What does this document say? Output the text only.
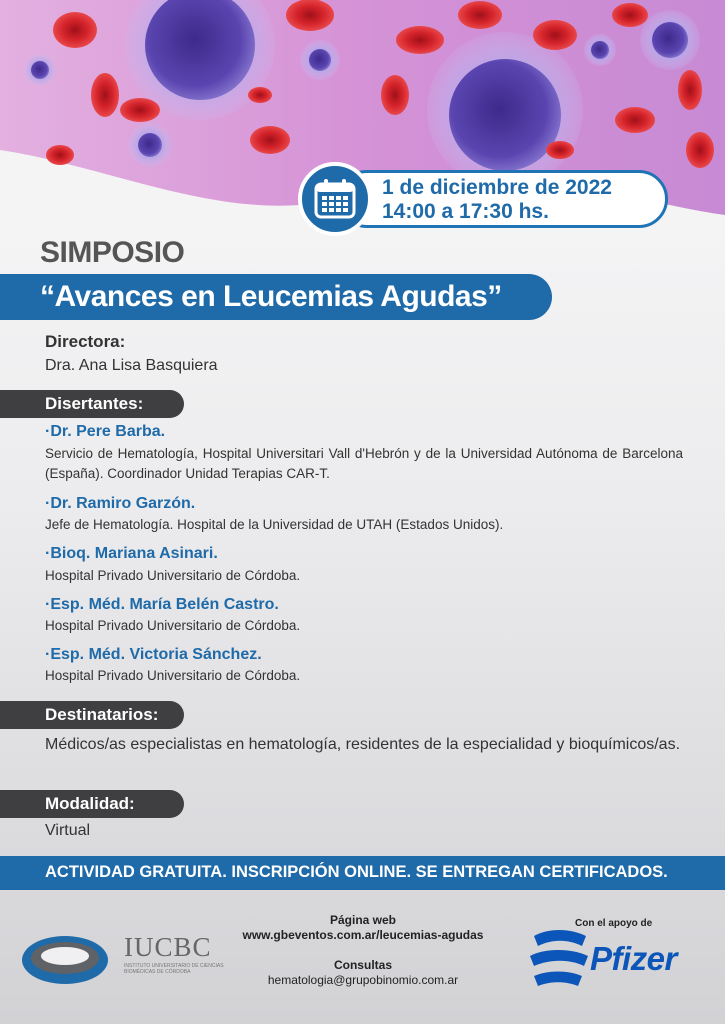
1 de diciembre de 2022
14:00 a 17:30 hs.
SIMPOSIO
“Avances en Leucemias Agudas”
Directora:
Dra. Ana Lisa Basquiera
Disertantes:
·Dr. Pere Barba.
Servicio de Hematología, Hospital Universitari Vall d'Hebrón y de la Universidad Autónoma de Barcelona (España). Coordinador Unidad Terapias CAR-T.
·Dr. Ramiro Garzón.
Jefe de Hematología. Hospital de la Universidad de UTAH (Estados Unidos).
·Bioq. Mariana Asinari.
Hospital Privado Universitario de Córdoba.
·Esp. Méd. María Belén Castro.
Hospital Privado Universitario de Córdoba.
·Esp. Méd. Victoria Sánchez.
Hospital Privado Universitario de Córdoba.
Destinatarios:
Médicos/as especialistas en hematología, residentes de la especialidad y bioquímicos/as.
Modalidad:
Virtual
ACTIVIDAD GRATUITA. INSCRIPCIÓN ONLINE. SE ENTREGAN CERTIFICADOS.
IUCBC
INSTITUTO UNIVERSITARIO DE CIENCIAS BIOMÉDICAS DE CÓRDOBA
Página web
www.gbeventos.com.ar/leucemias-agudas
Consultas
hematologia@grupobinomio.com.ar
Con el apoyo de
Pfizer
